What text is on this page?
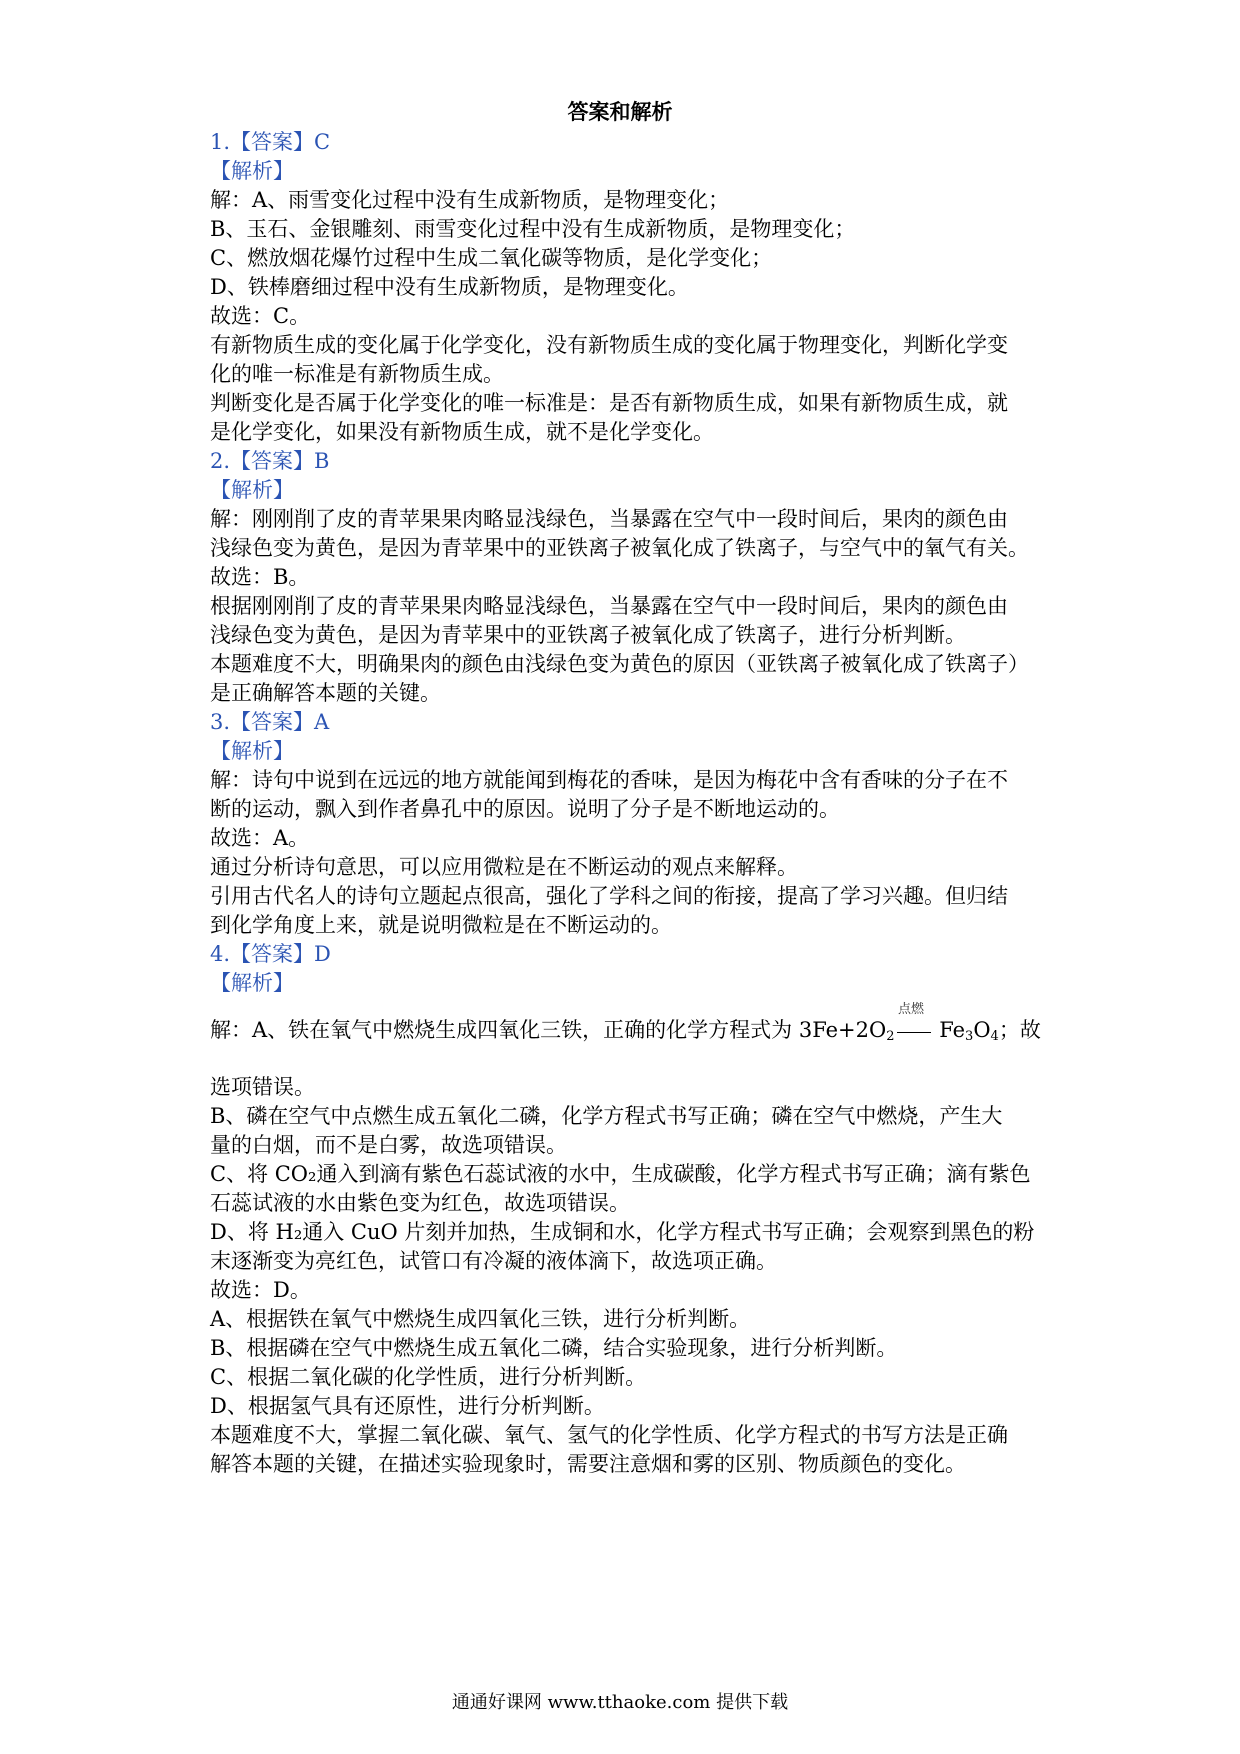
答案和解析
1.【答案】C
【解析】
解：A、雨雪变化过程中没有生成新物质，是物理变化；
B、玉石、金银雕刻、雨雪变化过程中没有生成新物质，是物理变化；
C、燃放烟花爆竹过程中生成二氧化碳等物质，是化学变化；
D、铁棒磨细过程中没有生成新物质，是物理变化。
故选：C。
有新物质生成的变化属于化学变化，没有新物质生成的变化属于物理变化，判断化学变
化的唯一标准是有新物质生成。
判断变化是否属于化学变化的唯一标准是：是否有新物质生成，如果有新物质生成，就
是化学变化，如果没有新物质生成，就不是化学变化。
2.【答案】B
【解析】
解：刚刚削了皮的青苹果果肉略显浅绿色，当暴露在空气中一段时间后，果肉的颜色由
浅绿色变为黄色，是因为青苹果中的亚铁离子被氧化成了铁离子，与空气中的氧气有关。
故选：B。
根据刚刚削了皮的青苹果果肉略显浅绿色，当暴露在空气中一段时间后，果肉的颜色由
浅绿色变为黄色，是因为青苹果中的亚铁离子被氧化成了铁离子，进行分析判断。
本题难度不大，明确果肉的颜色由浅绿色变为黄色的原因（亚铁离子被氧化成了铁离子）
是正确解答本题的关键。
3.【答案】A
【解析】
解：诗句中说到在远远的地方就能闻到梅花的香味，是因为梅花中含有香味的分子在不
断的运动，飘入到作者鼻孔中的原因。说明了分子是不断地运动的。
故选：A。
通过分析诗句意思，可以应用微粒是在不断运动的观点来解释。
引用古代名人的诗句立题起点很高，强化了学科之间的衔接，提高了学习兴趣。但归结
到化学角度上来，就是说明微粒是在不断运动的。
4.【答案】D
【解析】
点燃
解：A、铁在氧气中燃烧生成四氧化三铁，正确的化学方程式为 $3Fe+2O_2$ $Fe_3O_4$；故
选项错误。
B、磷在空气中点燃生成五氧化二磷，化学方程式书写正确；磷在空气中燃烧，产生大
量的白烟，而不是白雾，故选项错误。
C、将 CO₂通入到滴有紫色石蕊试液的水中，生成碳酸，化学方程式书写正确；滴有紫色
石蕊试液的水由紫色变为红色，故选项错误。
D、将 H₂通入 CuO 片刻并加热，生成铜和水，化学方程式书写正确；会观察到黑色的粉
末逐渐变为亮红色，试管口有冷凝的液体滴下，故选项正确。
故选：D。
A、根据铁在氧气中燃烧生成四氧化三铁，进行分析判断。
B、根据磷在空气中燃烧生成五氧化二磷，结合实验现象，进行分析判断。
C、根据二氧化碳的化学性质，进行分析判断。
D、根据氢气具有还原性，进行分析判断。
本题难度不大，掌握二氧化碳、氧气、氢气的化学性质、化学方程式的书写方法是正确
解答本题的关键，在描述实验现象时，需要注意烟和雾的区别、物质颜色的变化。
通通好课网 www.tthaoke.com 提供下载
